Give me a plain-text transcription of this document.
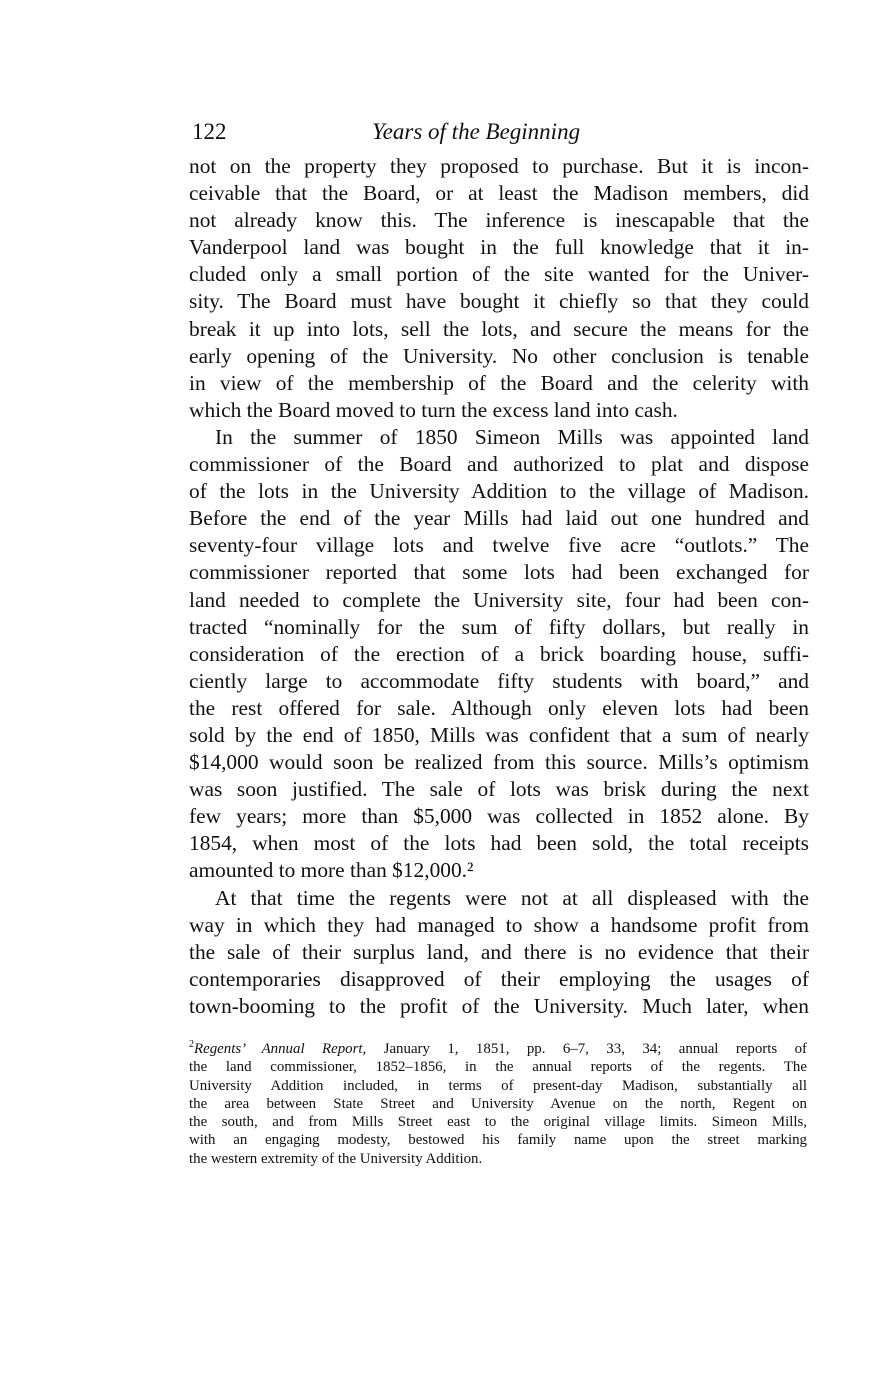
122	Years of the Beginning
not on the property they proposed to purchase. But it is incon-
ceivable that the Board, or at least the Madison members, did
not already know this. The inference is inescapable that the
Vanderpool land was bought in the full knowledge that it in-
cluded only a small portion of the site wanted for the Univer-
sity. The Board must have bought it chiefly so that they could
break it up into lots, sell the lots, and secure the means for the
early opening of the University. No other conclusion is tenable
in view of the membership of the Board and the celerity with
which the Board moved to turn the excess land into cash.
In the summer of 1850 Simeon Mills was appointed land
commissioner of the Board and authorized to plat and dispose
of the lots in the University Addition to the village of Madison.
Before the end of the year Mills had laid out one hundred and
seventy-four village lots and twelve five acre “outlots.” The
commissioner reported that some lots had been exchanged for
land needed to complete the University site, four had been con-
tracted “nominally for the sum of fifty dollars, but really in
consideration of the erection of a brick boarding house, suffi-
ciently large to accommodate fifty students with board,” and
the rest offered for sale. Although only eleven lots had been
sold by the end of 1850, Mills was confident that a sum of nearly
$14,000 would soon be realized from this source. Mills’s optimism
was soon justified. The sale of lots was brisk during the next
few years; more than $5,000 was collected in 1852 alone. By
1854, when most of the lots had been sold, the total receipts
amounted to more than $12,000.²
At that time the regents were not at all displeased with the
way in which they had managed to show a handsome profit from
the sale of their surplus land, and there is no evidence that their
contemporaries disapproved of their employing the usages of
town-booming to the profit of the University. Much later, when
$^2$Regents’ Annual Report, January 1, 1851, pp. 6–7, 33, 34; annual reports of
the land commissioner, 1852–1856, in the annual reports of the regents. The
University Addition included, in terms of present-day Madison, substantially all
the area between State Street and University Avenue on the north, Regent on
the south, and from Mills Street east to the original village limits. Simeon Mills,
with an engaging modesty, bestowed his family name upon the street marking
the western extremity of the University Addition.
